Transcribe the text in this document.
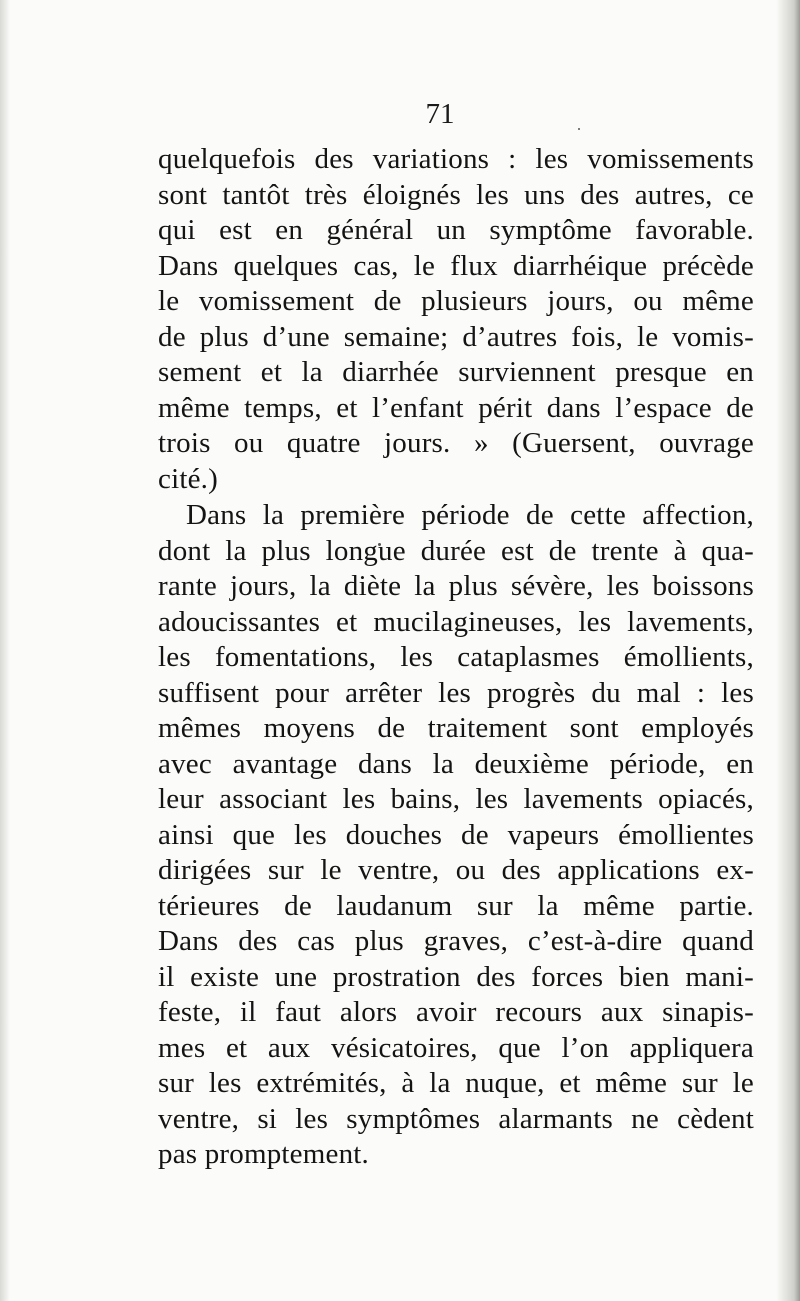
71
quelquefois des variations : les vomissements
sont tantôt très éloignés les uns des autres, ce
qui est en général un symptôme favorable.
Dans quelques cas, le flux diarrhéique précède
le vomissement de plusieurs jours, ou même
de plus d’une semaine; d’autres fois, le vomis-
sement et la diarrhée surviennent presque en
même temps, et l’enfant périt dans l’espace de
trois ou quatre jours. » (Guersent, ouvrage
cité.)
Dans la première période de cette affection,
dont la plus longue durée est de trente à qua-
rante jours, la diète la plus sévère, les boissons
adoucissantes et mucilagineuses, les lavements,
les fomentations, les cataplasmes émollients,
suffisent pour arrêter les progrès du mal : les
mêmes moyens de traitement sont employés
avec avantage dans la deuxième période, en
leur associant les bains, les lavements opiacés,
ainsi que les douches de vapeurs émollientes
dirigées sur le ventre, ou des applications ex-
térieures de laudanum sur la même partie.
Dans des cas plus graves, c’est-à-dire quand
il existe une prostration des forces bien mani-
feste, il faut alors avoir recours aux sinapis-
mes et aux vésicatoires, que l’on appliquera
sur les extrémités, à la nuque, et même sur le
ventre, si les symptômes alarmants ne cèdent
pas promptement.
